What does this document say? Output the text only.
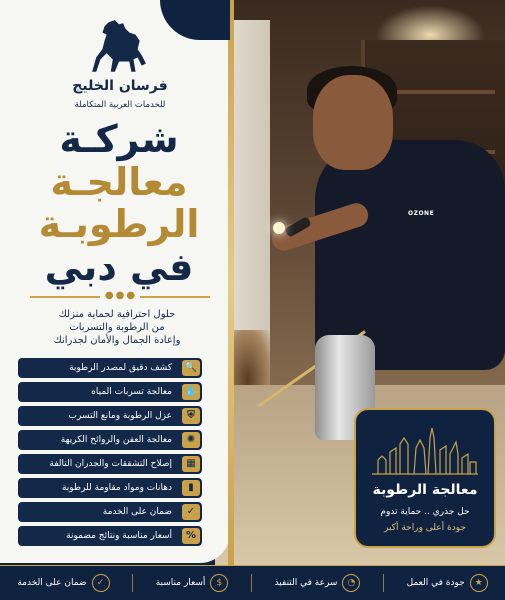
OZONE
فرسان الخليج
للخدمات العربية المتكاملة
شركـة
معالجـة
الرطوبـة
في دبي
●●●
حلول احترافية لحماية منزلك
من الرطوبة والتسربات
وإعادة الجمال والأمان لجدرانك
كشف دقيق لمصدر الرطوبة	🔍
معالجة تسربات المياه	💧
عزل الرطوبة ومانع التسرب	⛨
معالجة العفن والروائح الكريهة	✺
إصلاح التشققات والجدران التالفة	▦
دهانات ومواد مقاومة للرطوبة	▮
ضمان على الخدمة	✓
أسعار مناسبة ونتائج مضمونة	%
معالجة الرطوبة
حل جذري .. حماية تدوم
جودة أعلى وراحة أكبر
★
جودة في العمل
◔
سرعة في التنفيذ
$
أسعار مناسبة
✓
ضمان على الخدمة
